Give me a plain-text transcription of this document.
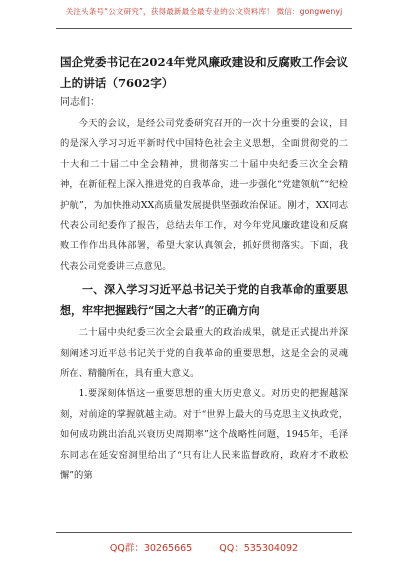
关注头条号“公文研究”，获得最新最全最专业的公文资料库！ 微信：gongwenyj

国企党委书记在2024年党风廉政建设和反腐败工作会议上的讲话（7602字）

同志们：

今天的会议，是经公司党委研究召开的一次十分重要的会议，目的是深入学习习近平新时代中国特色社会主义思想，全面贯彻党的二十大和二十届二中全会精神，贯彻落实二十届中央纪委三次全会精神，在新征程上深入推进党的自我革命，进一步强化“党建领航”“纪检护航”，为加快推动XX高质量发展提供坚强政治保证。刚才，XX同志代表公司纪委作了报告，总结去年工作，对今年党风廉政建设和反腐败工作作出具体部署，希望大家认真领会，抓好贯彻落实。下面，我代表公司党委讲三点意见。

一、深入学习习近平总书记关于党的自我革命的重要思想，牢牢把握践行“国之大者”的正确方向

二十届中央纪委三次全会最重大的政治成果，就是正式提出并深刻阐述习近平总书记关于党的自我革命的重要思想，这是全会的灵魂所在、精髓所在，具有重大意义。

1.要深刻体悟这一重要思想的重大历史意义。对历史的把握越深刻，对前途的掌握就越主动。对于“世界上最大的马克思主义执政党，如何成功跳出治乱兴衰历史周期率”这个战略性问题，1945年，毛泽东同志在延安窑洞里给出了“只有让人民来监督政府，政府才不敢松懈”的第

QQ群：30265665	QQ：535304092
